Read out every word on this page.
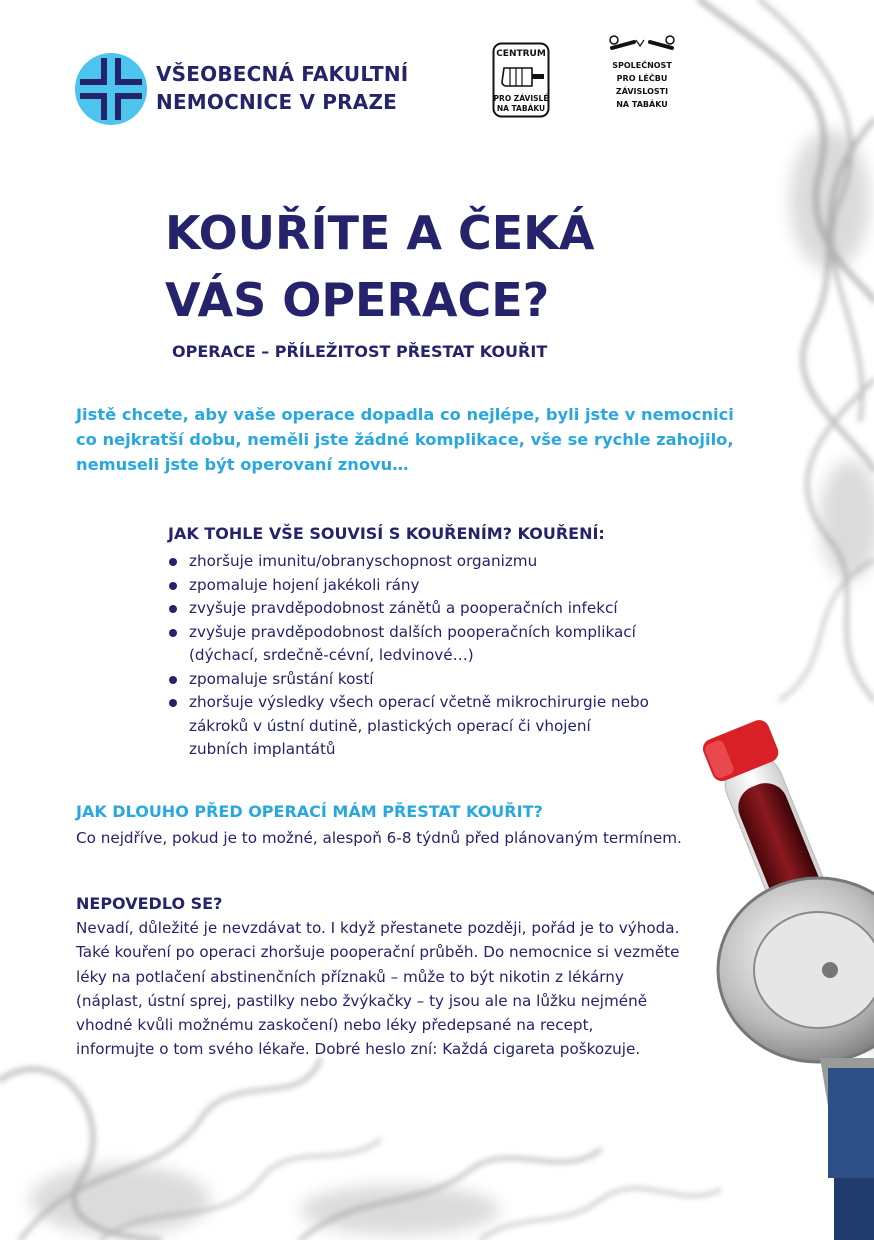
VŠEOBECNÁ FAKULTNÍ
NEMOCNICE V PRAZE
CENTRUM
PRO ZÁVISLÉ
NA TABÁKU
SPOLEČNOST
PRO LÉČBU
ZÁVISLOSTI
NA TABÁKU
KOUŘÍTE A ČEKÁ
VÁS OPERACE?
OPERACE – PŘÍLEŽITOST PŘESTAT KOUŘIT

Jistě chcete, aby vaše operace dopadla co nejlépe, byli jste v nemocnici
co nejkratší dobu, neměli jste žádné komplikace, vše se rychle zahojilo,
nemuseli jste být operovaní znovu…

JAK TOHLE VŠE SOUVISÍ S KOUŘENÍM? KOUŘENÍ:
zhoršuje imunitu/obranyschopnost organizmu
zpomaluje hojení jakékoli rány
zvyšuje pravděpodobnost zánětů a pooperačních infekcí
zvyšuje pravděpodobnost dalších pooperačních komplikací
(dýchací, srdečně-cévní, ledvinové…)
zpomaluje srůstání kostí
zhoršuje výsledky všech operací včetně mikrochirurgie nebo
zákroků v ústní dutině, plastických operací či vhojení
zubních implantátů
JAK DLOUHO PŘED OPERACÍ MÁM PŘESTAT KOUŘIT?

Co nejdříve, pokud je to možné, alespoň 6-8 týdnů před plánovaným termínem.

NEPOVEDLO SE?

Nevadí, důležité je nevzdávat to. I když přestanete později, pořád je to výhoda.
Také kouření po operaci zhoršuje pooperační průběh. Do nemocnice si vezměte
léky na potlačení abstinenčních příznaků – může to být nikotin z lékárny
(náplast, ústní sprej, pastilky nebo žvýkačky – ty jsou ale na lůžku nejméně
vhodné kvůli možnému zaskočení) nebo léky předepsané na recept,
informujte o tom svého lékaře. Dobré heslo zní: Každá cigareta poškozuje.
